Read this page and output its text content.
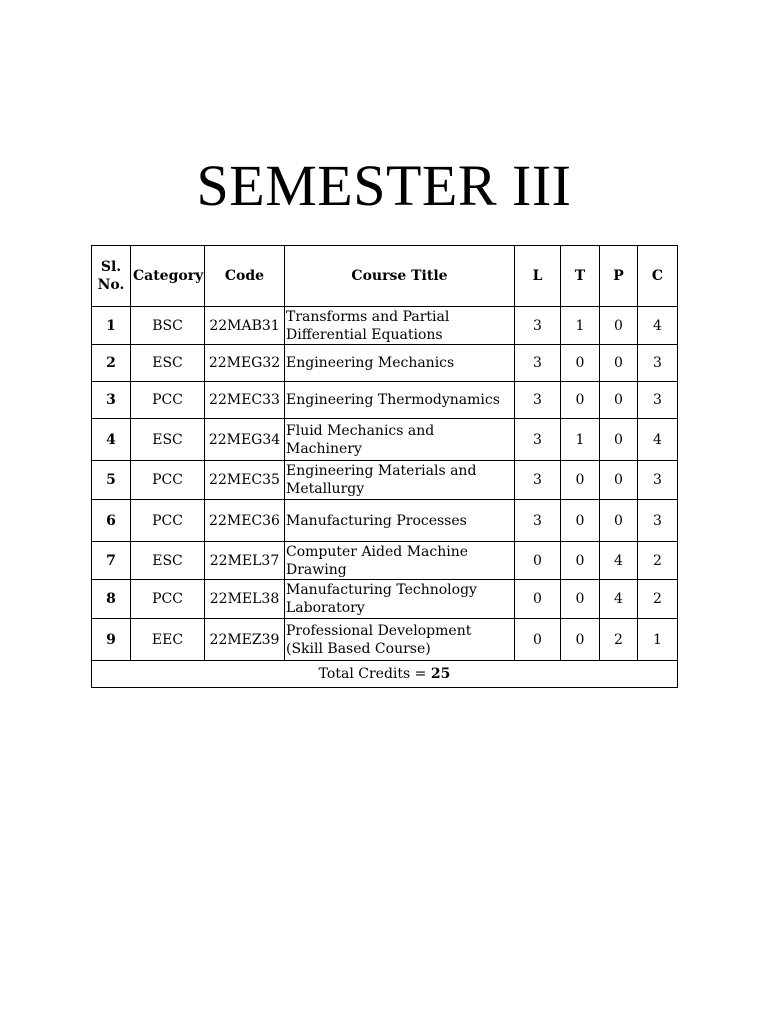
SEMESTER III
Sl. No.	Category	Code	Course Title	L	T	P	C
1	BSC	22MAB31	Transforms and Partial Differential Equations	3	1	0	4
2	ESC	22MEG32	Engineering Mechanics	3	0	0	3
3	PCC	22MEC33	Engineering Thermodynamics	3	0	0	3
4	ESC	22MEG34	Fluid Mechanics and Machinery	3	1	0	4
5	PCC	22MEC35	Engineering Materials and Metallurgy	3	0	0	3
6	PCC	22MEC36	Manufacturing Processes	3	0	0	3
7	ESC	22MEL37	Computer Aided Machine Drawing	0	0	4	2
8	PCC	22MEL38	Manufacturing Technology Laboratory	0	0	4	2
9	EEC	22MEZ39	Professional Development (Skill Based Course)	0	0	2	1
Total Credits = 25							
